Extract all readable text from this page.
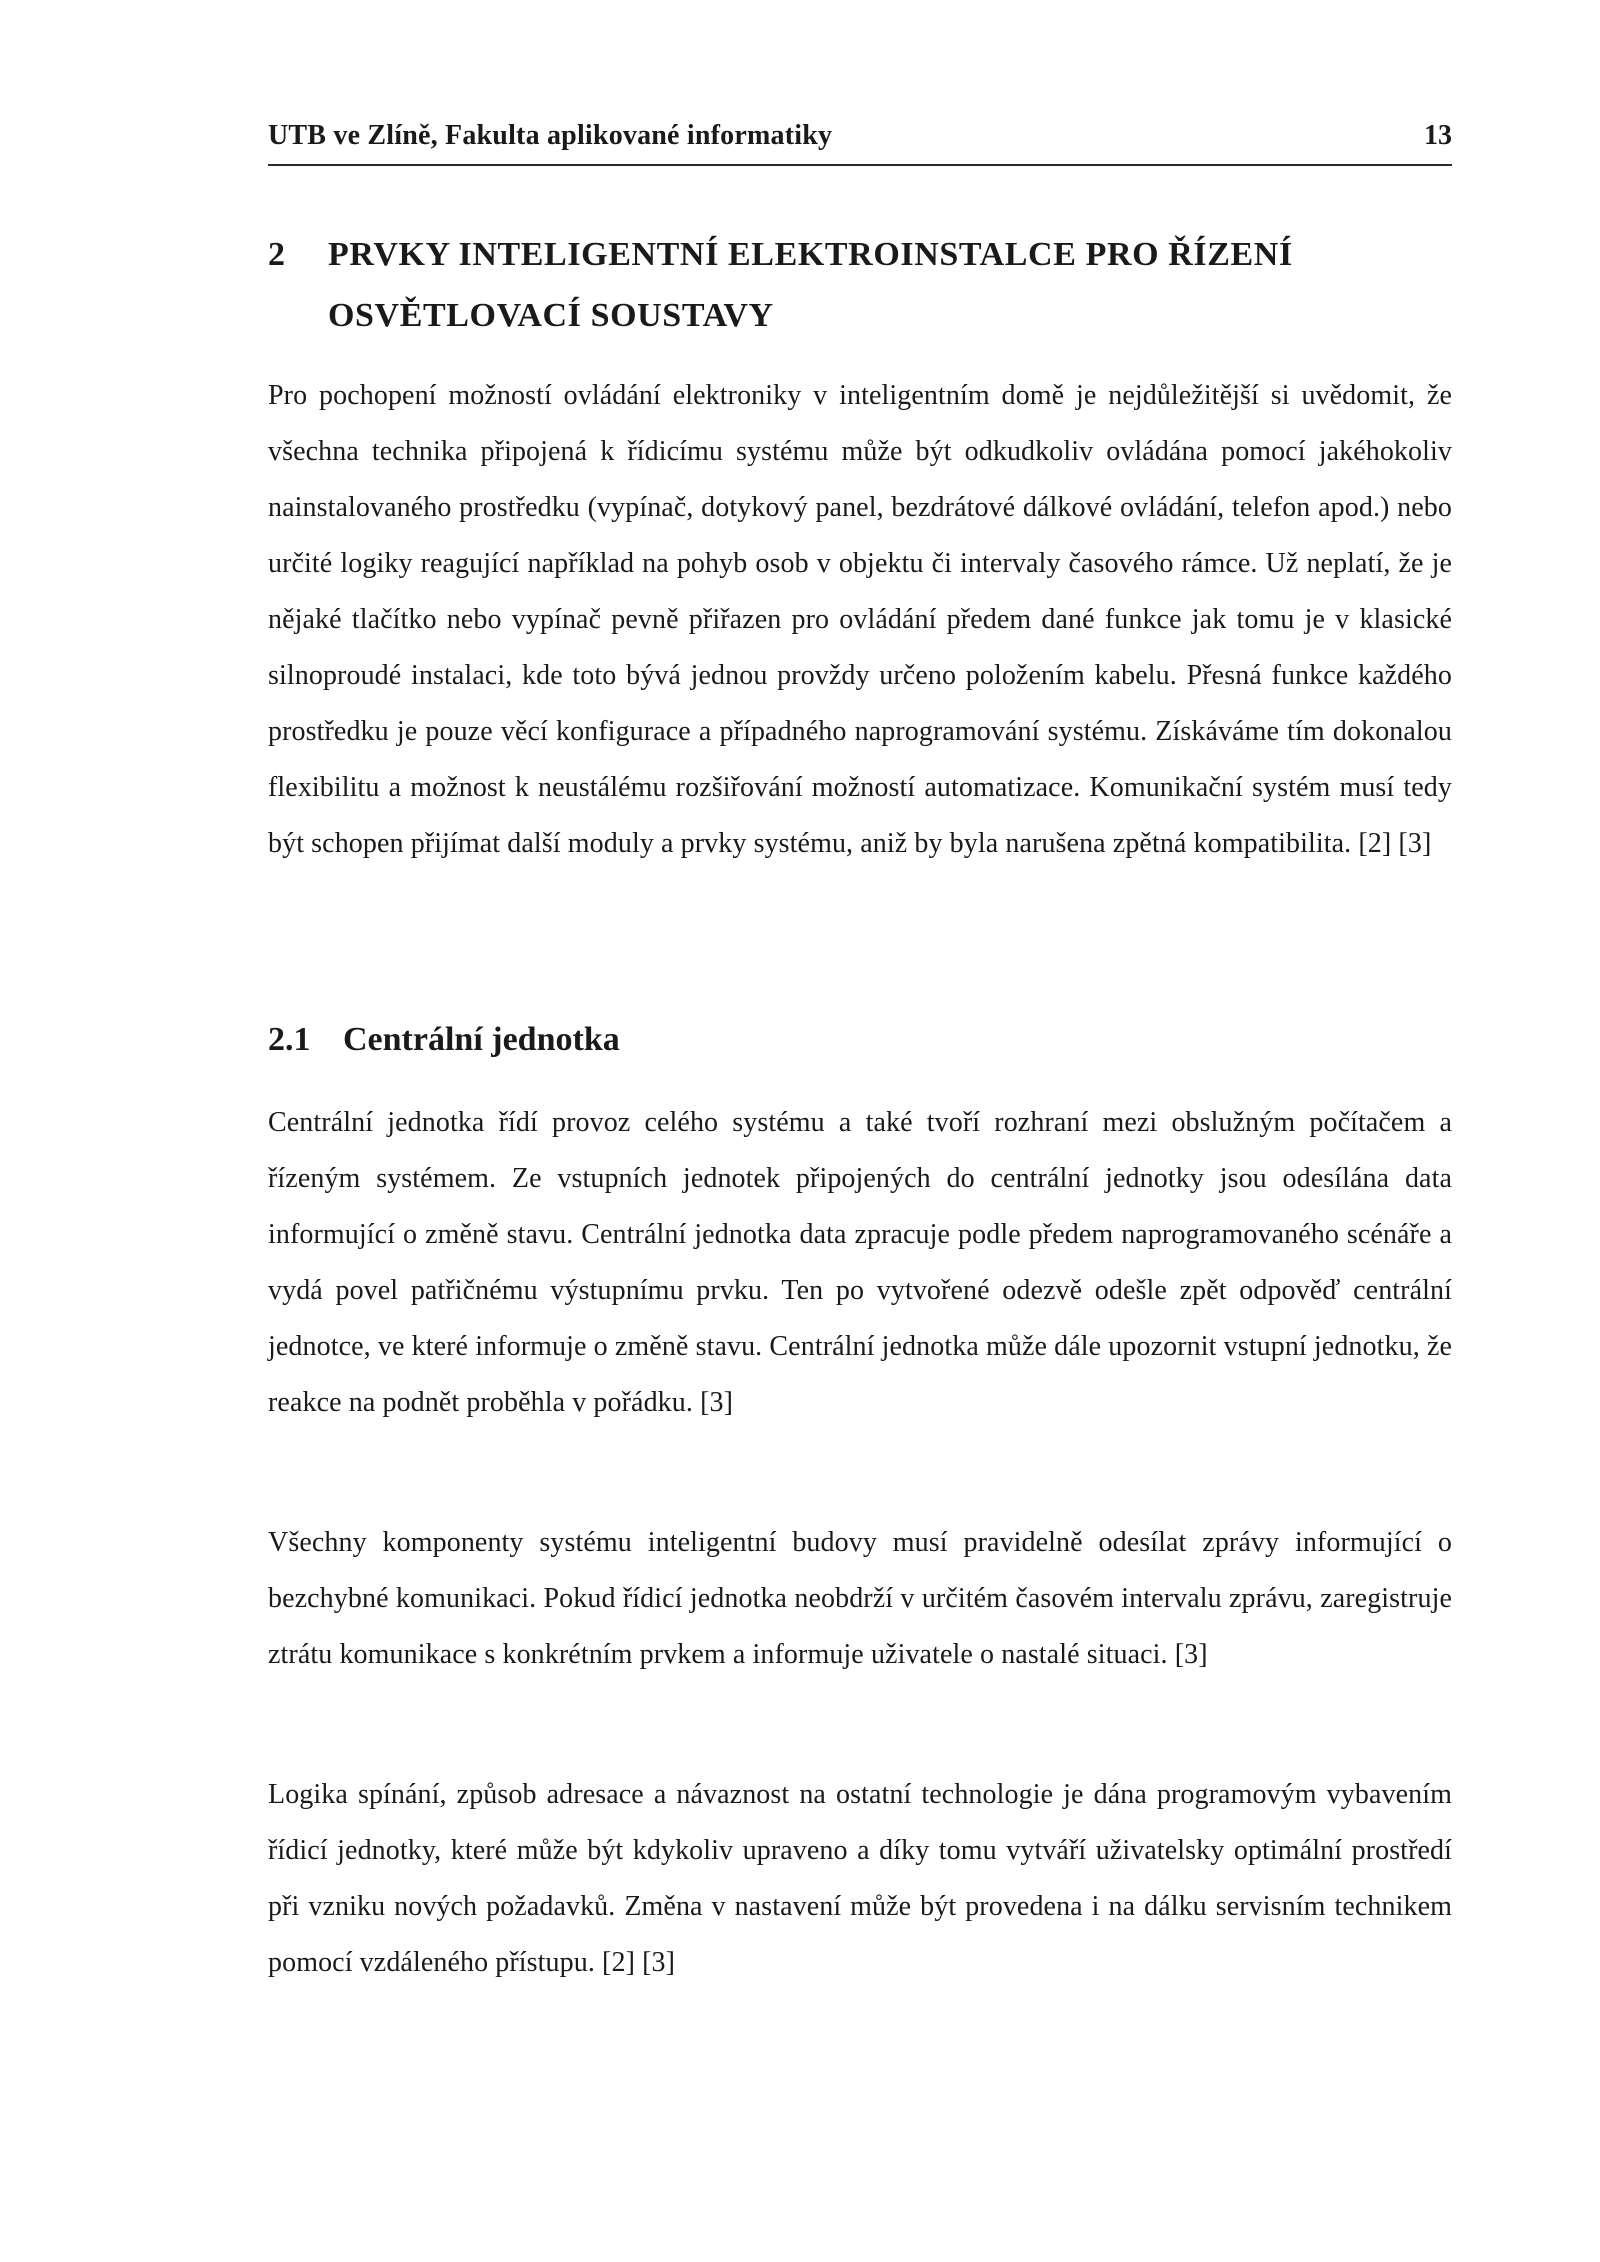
UTB ve Zlíně, Fakulta aplikované informatiky	13
2 PRVKY INTELIGENTNÍ ELEKTROINSTALCE PRO ŘÍZENÍ OSVĚTLOVACÍ SOUSTAVY

Pro pochopení možností ovládání elektroniky v inteligentním domě je nejdůležitější si uvědomit, že všechna technika připojená k řídicímu systému může být odkudkoliv ovládána pomocí jakéhokoliv nainstalovaného prostředku (vypínač, dotykový panel, bezdrátové dálkové ovládání, telefon apod.) nebo určité logiky reagující například na pohyb osob v objektu či intervaly časového rámce. Už neplatí, že je nějaké tlačítko nebo vypínač pevně přiřazen pro ovládání předem dané funkce jak tomu je v klasické silnoproudé instalaci, kde toto bývá jednou provždy určeno položením kabelu. Přesná funkce každého prostředku je pouze věcí konfigurace a případného naprogramování systému. Získáváme tím dokonalou flexibilitu a možnost k neustálému rozšiřování možností automatizace. Komunikační systém musí tedy být schopen přijímat další moduly a prvky systému, aniž by byla narušena zpětná kompatibilita. [2] [3]

2.1 Centrální jednotka

Centrální jednotka řídí provoz celého systému a také tvoří rozhraní mezi obslužným počítačem a řízeným systémem. Ze vstupních jednotek připojených do centrální jednotky jsou odesílána data informující o změně stavu. Centrální jednotka data zpracuje podle předem naprogramovaného scénáře a vydá povel patřičnému výstupnímu prvku. Ten po vytvořené odezvě odešle zpět odpověď centrální jednotce, ve které informuje o změně stavu. Centrální jednotka může dále upozornit vstupní jednotku, že reakce na podnět proběhla v pořádku. [3]

Všechny komponenty systému inteligentní budovy musí pravidelně odesílat zprávy informující o bezchybné komunikaci. Pokud řídicí jednotka neobdrží v určitém časovém intervalu zprávu, zaregistruje ztrátu komunikace s konkrétním prvkem a informuje uživatele o nastalé situaci. [3]

Logika spínání, způsob adresace a návaznost na ostatní technologie je dána programovým vybavením řídicí jednotky, které může být kdykoliv upraveno a díky tomu vytváří uživatelsky optimální prostředí při vzniku nových požadavků. Změna v nastavení může být provedena i na dálku servisním technikem pomocí vzdáleného přístupu. [2] [3]
